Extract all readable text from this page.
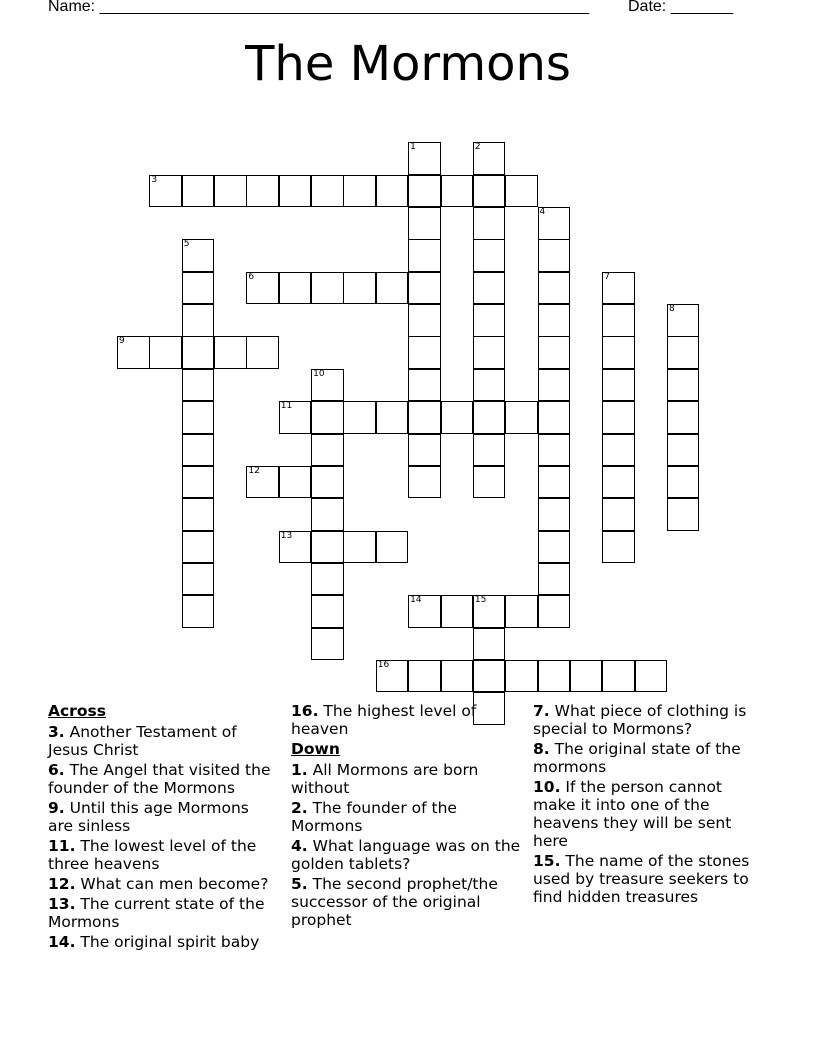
Name: _______________________________________________________ Date: _______
The Mormons
1	2
3
4
5
6	7
8
9
10
11
12
13
14	15
16
Across
3. Another Testament of Jesus Christ
6. The Angel that visited the founder of the Mormons
9. Until this age Mormons are sinless
11. The lowest level of the three heavens
12. What can men become?
13. The current state of the Mormons
14. The original spirit baby
16. The highest level of heaven
Down
1. All Mormons are born without
2. The founder of the Mormons
4. What language was on the golden tablets?
5. The second prophet/the successor of the original prophet
7. What piece of clothing is special to Mormons?
8. The original state of the mormons
10. If the person cannot make it into one of the heavens they will be sent here
15. The name of the stones used by treasure seekers to find hidden treasures
